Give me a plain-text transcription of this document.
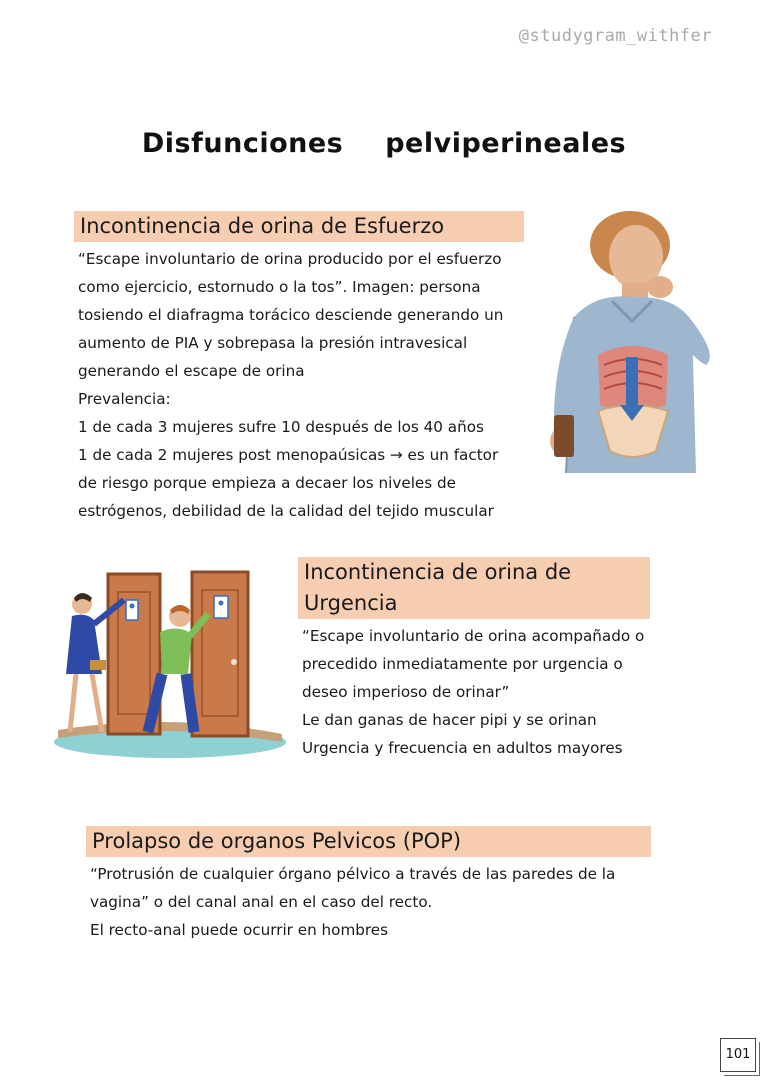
@studygram_withfer
Disfunciones pelviperineales
Incontinencia de orina de Esfuerzo
“Escape involuntario de orina producido por el esfuerzo
como ejercicio, estornudo o la tos”. Imagen: persona
tosiendo el diafragma torácico desciende generando un
aumento de PIA y sobrepasa la presión intravesical
generando el escape de orina
Prevalencia:
1 de cada 3 mujeres sufre 10 después de los 40 años
1 de cada 2 mujeres post menopaúsicas → es un factor
de riesgo porque empieza a decaer los niveles de
estrógenos, debilidad de la calidad del tejido muscular
Incontinencia de orina de
Urgencia
“Escape involuntario de orina acompañado o
precedido inmediatamente por urgencia o
deseo imperioso de orinar”
Le dan ganas de hacer pipi y se orinan
Urgencia y frecuencia en adultos mayores
Prolapso de organos Pelvicos (POP)
“Protrusión de cualquier órgano pélvico a través de las paredes de la
vagina” o del canal anal en el caso del recto.
El recto-anal puede ocurrir en hombres
101
